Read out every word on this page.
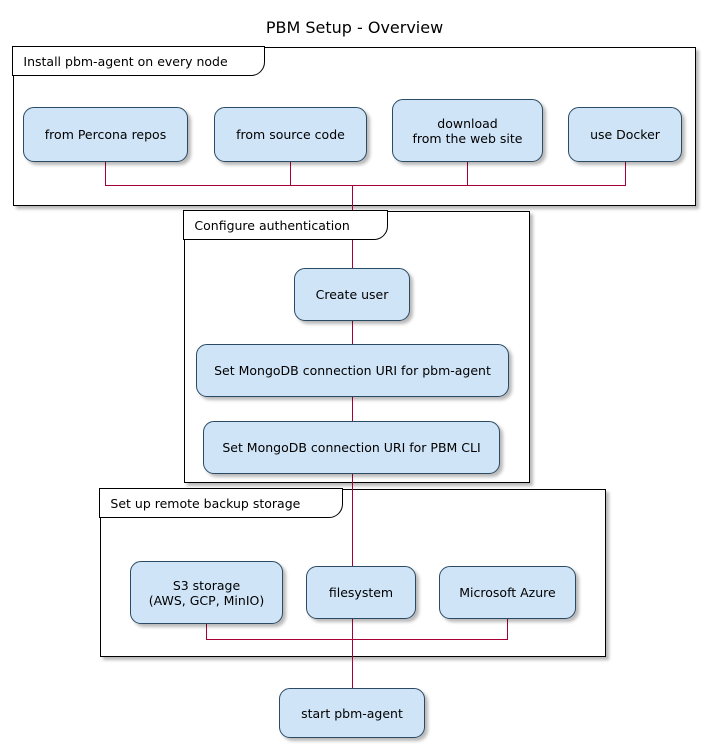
PBM Setup - Overview
Install pbm-agent on every node
from Percona repos	from source code
download
from the web site	use Docker
Configure authentication
Create user
Set MongoDB connection URI for pbm-agent
Set MongoDB connection URI for PBM CLI
Set up remote backup storage
S3 storage
(AWS, GCP, MinIO)	filesystem	Microsoft Azure
start pbm-agent
